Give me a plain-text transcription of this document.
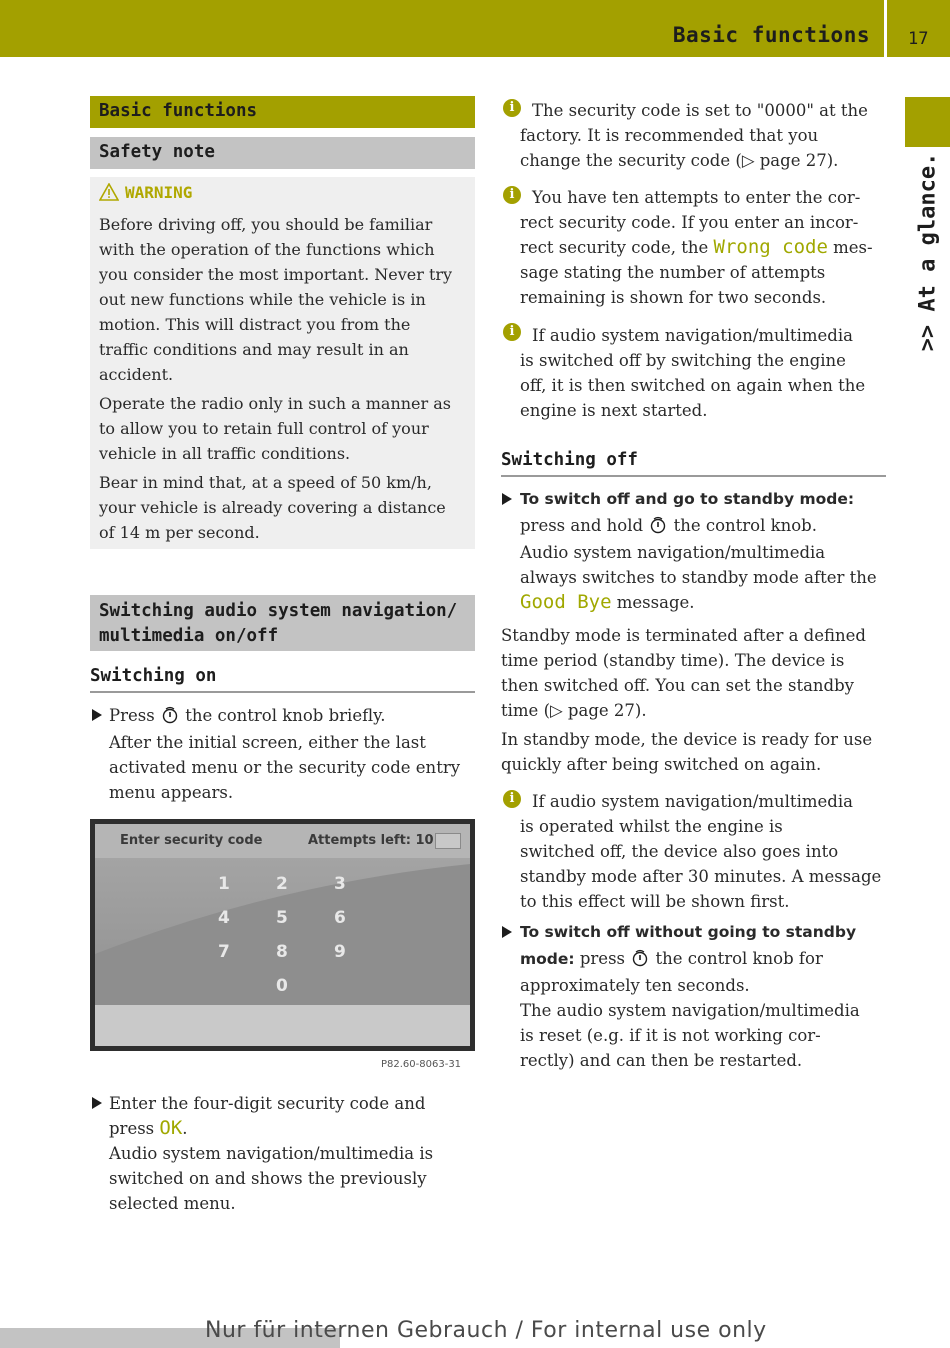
Basic functions 17
>> At a glance.
Basic functions
Safety note
WARNING
Before driving off, you should be familiar
with the operation of the functions which
you consider the most important. Never try
out new functions while the vehicle is in
motion. This will distract you from the
traffic conditions and may result in an
accident.
Operate the radio only in such a manner as
to allow you to retain full control of your
vehicle in all traffic conditions.
Bear in mind that, at a speed of 50 km/h,
your vehicle is already covering a distance
of 14 m per second.
Switching audio system navigation/
multimedia on/off
Switching on
Press the control knob briefly.
After the initial screen, either the last
activated menu or the security code entry
menu appears.
Enter security code	Attempts left: 10
1	2	3
4	5	6
7	8	9
0
P82.60-8063-31
Enter the four-digit security code and
press OK.
Audio system navigation/multimedia is
switched on and shows the previously
selected menu.
i	The security code is set to "0000" at the
factory. It is recommended that you
change the security code (▷ page 27).
i	You have ten attempts to enter the cor-
rect security code. If you enter an incor-
rect security code, the Wrong code mes-
sage stating the number of attempts
remaining is shown for two seconds.
i	If audio system navigation/multimedia
is switched off by switching the engine
off, it is then switched on again when the
engine is next started.
Switching off
To switch off and go to standby mode:
press and hold the control knob.
Audio system navigation/multimedia
always switches to standby mode after the
Good Bye message.
Standby mode is terminated after a defined
time period (standby time). The device is
then switched off. You can set the standby
time (▷ page 27).
In standby mode, the device is ready for use
quickly after being switched on again.
i	If audio system navigation/multimedia
is operated whilst the engine is
switched off, the device also goes into
standby mode after 30 minutes. A message
to this effect will be shown first.
To switch off without going to standby
mode: press the control knob for
approximately ten seconds.
The audio system navigation/multimedia
is reset (e.g. if it is not working cor-
rectly) and can then be restarted.
Nur für internen Gebrauch / For internal use only
